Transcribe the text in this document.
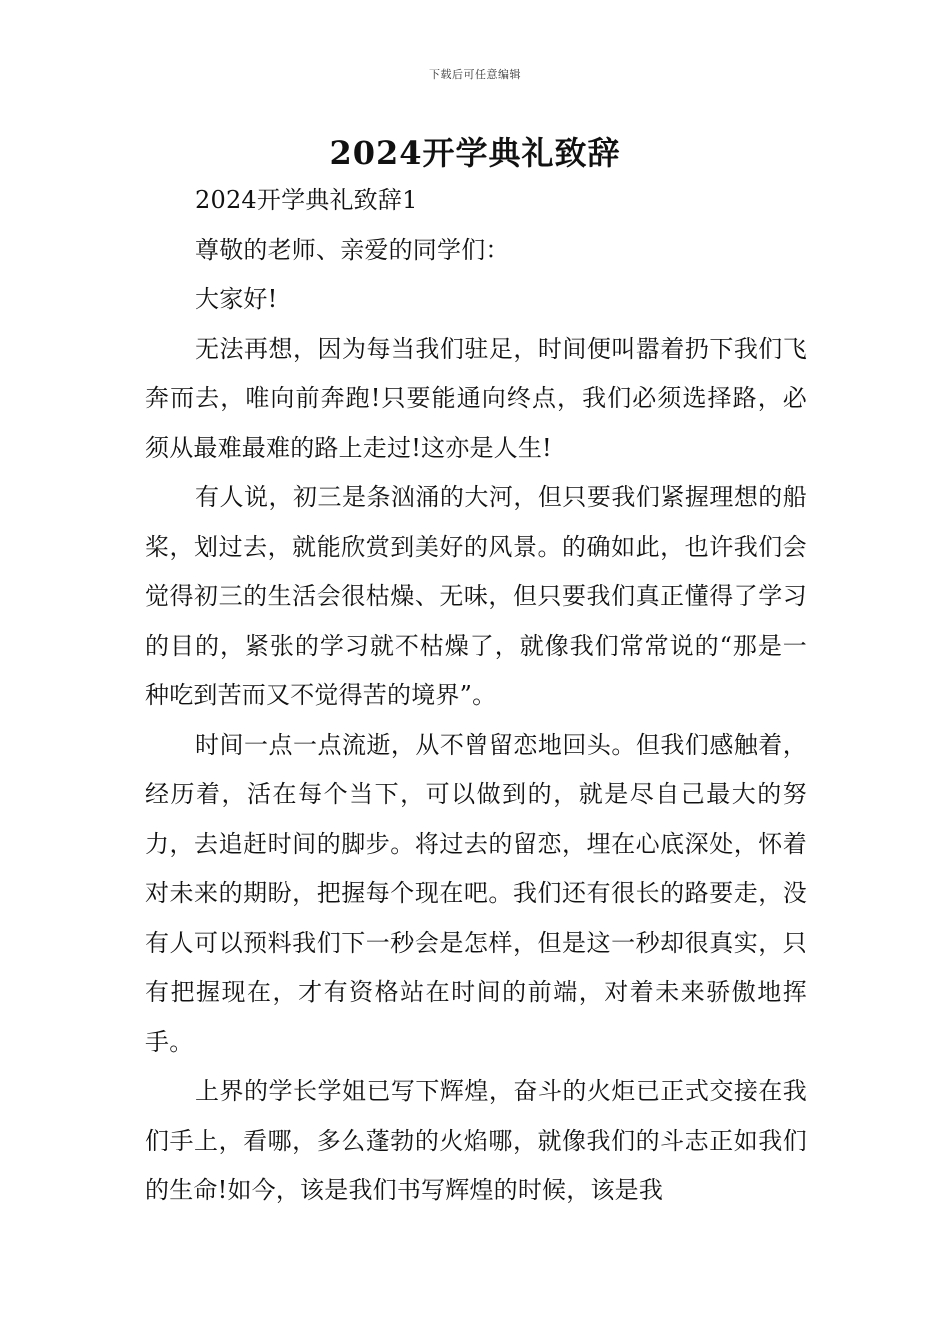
下载后可任意编辑
2024开学典礼致辞

2024开学典礼致辞1

尊敬的老师、亲爱的同学们：

大家好!

无法再想，因为每当我们驻足，时间便叫嚣着扔下我们飞奔而去，唯向前奔跑!只要能通向终点，我们必须选择路，必须从最难最难的路上走过!这亦是人生!

有人说，初三是条汹涌的大河，但只要我们紧握理想的船桨，划过去，就能欣赏到美好的风景。的确如此，也许我们会觉得初三的生活会很枯燥、无味，但只要我们真正懂得了学习的目的，紧张的学习就不枯燥了，就像我们常常说的“那是一种吃到苦而又不觉得苦的境界”。

时间一点一点流逝，从不曾留恋地回头。但我们感触着，经历着，活在每个当下，可以做到的，就是尽自己最大的努力，去追赶时间的脚步。将过去的留恋，埋在心底深处，怀着对未来的期盼，把握每个现在吧。我们还有很长的路要走，没有人可以预料我们下一秒会是怎样，但是这一秒却很真实，只有把握现在，才有资格站在时间的前端，对着未来骄傲地挥手。

上界的学长学姐已写下辉煌，奋斗的火炬已正式交接在我们手上，看哪，多么蓬勃的火焰哪，就像我们的斗志正如我们的生命!如今，该是我们书写辉煌的时候，该是我
